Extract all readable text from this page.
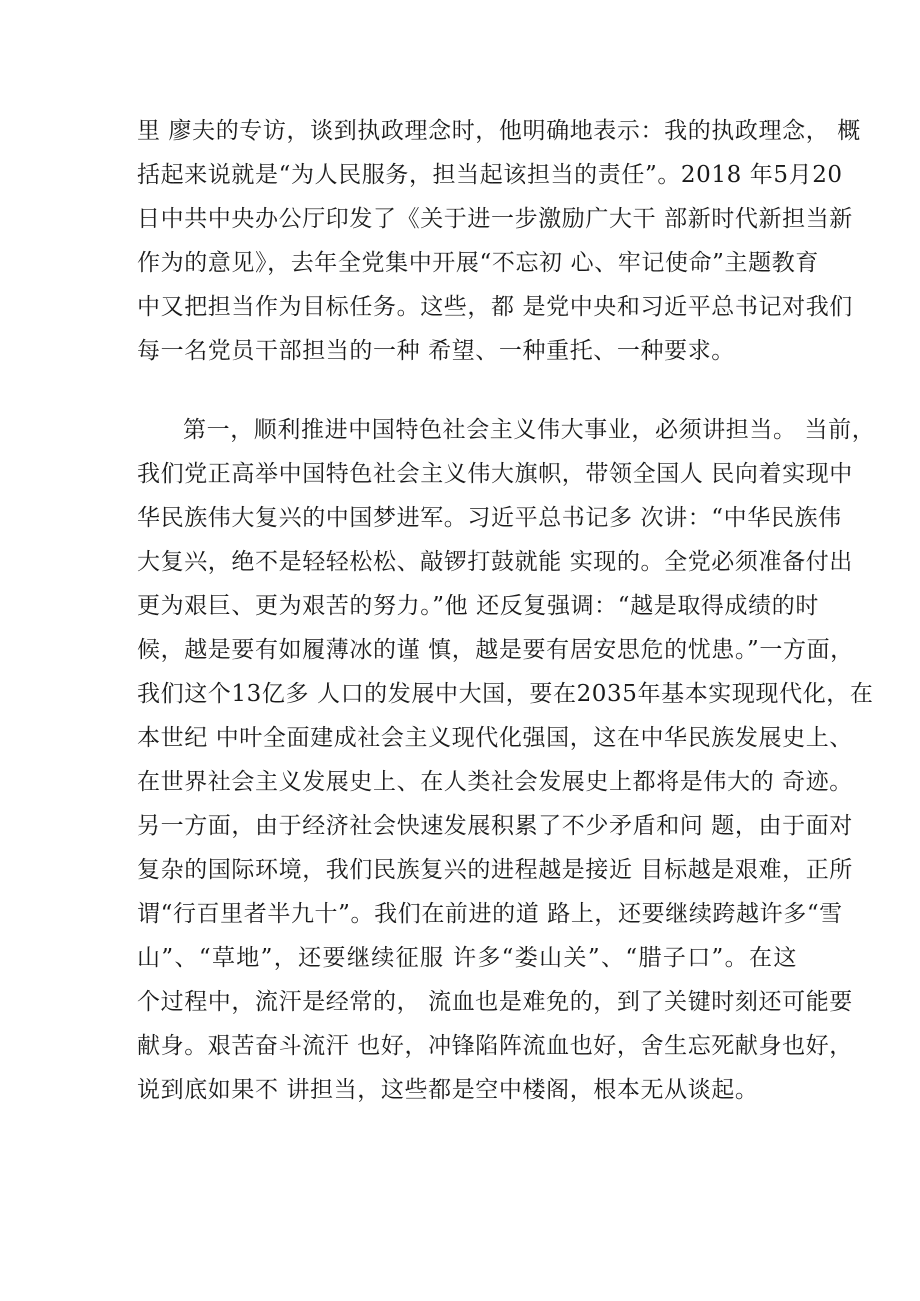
里 廖夫的专访，谈到执政理念时，他明确地表示：我的执政理念， 概
括起来说就是“为人民服务，担当起该担当的责任”。2018 年5月20
日中共中央办公厅印发了《关于进一步激励广大干 部新时代新担当新
作为的意见》，去年全党集中开展“不忘初 心、牢记使命”主题教育
中又把担当作为目标任务。这些，都 是党中央和习近平总书记对我们
每一名党员干部担当的一种 希望、一种重托、一种要求。
第一，顺利推进中国特色社会主义伟大事业，必须讲担当。 当前，
我们党正高举中国特色社会主义伟大旗帜，带领全国人 民向着实现中
华民族伟大复兴的中国梦进军。习近平总书记多 次讲：“中华民族伟
大复兴，绝不是轻轻松松、敲锣打鼓就能 实现的。全党必须准备付出
更为艰巨、更为艰苦的努力。”他 还反复强调：“越是取得成绩的时
候，越是要有如履薄冰的谨 慎，越是要有居安思危的忧患。”一方面，
我们这个13亿多 人口的发展中大国，要在2035年基本实现现代化，在
本世纪 中叶全面建成社会主义现代化强国，这在中华民族发展史上、
在世界社会主义发展史上、在人类社会发展史上都将是伟大的 奇迹。
另一方面，由于经济社会快速发展积累了不少矛盾和问 题，由于面对
复杂的国际环境，我们民族复兴的进程越是接近 目标越是艰难，正所
谓“行百里者半九十”。我们在前进的道 路上，还要继续跨越许多“雪
山”、“草地”，还要继续征服 许多“娄山关”、“腊子口”。在这
个过程中，流汗是经常的， 流血也是难免的，到了关键时刻还可能要
献身。艰苦奋斗流汗 也好，冲锋陷阵流血也好，舍生忘死献身也好，
说到底如果不 讲担当，这些都是空中楼阁，根本无从谈起。
